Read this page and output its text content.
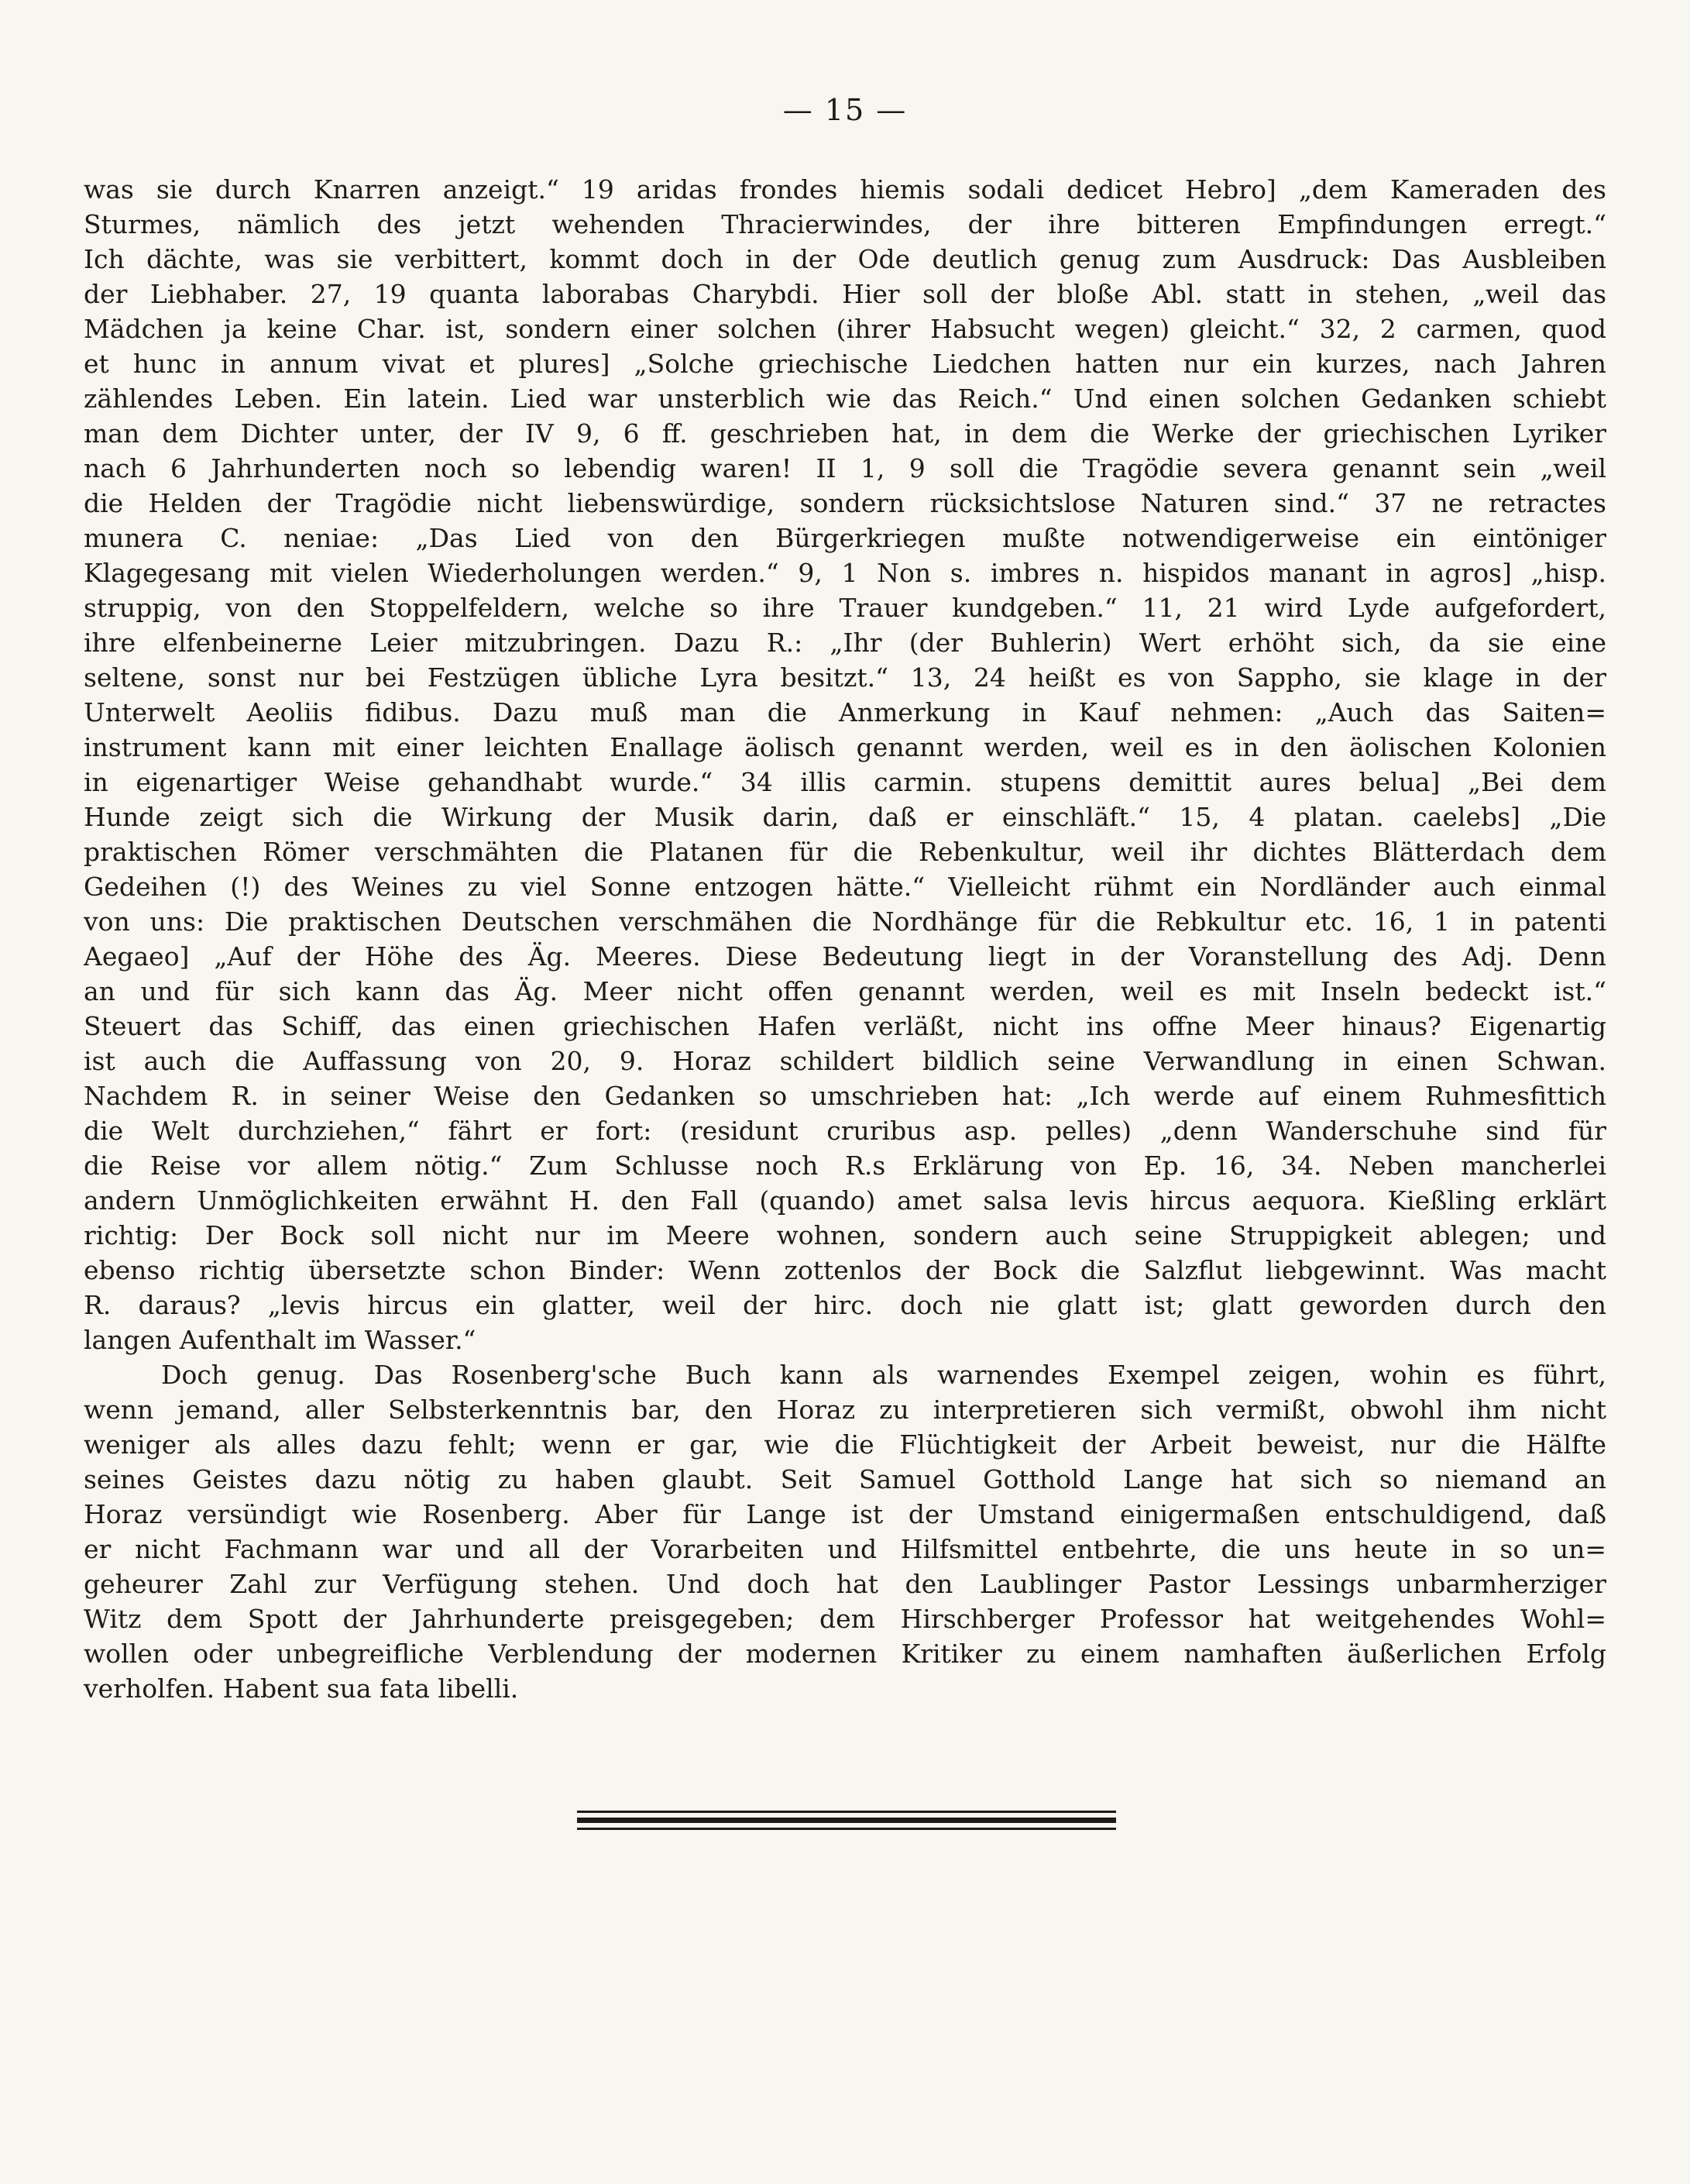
— 15 —
was sie durch Knarren anzeigt.“ 19 aridas frondes hiemis sodali dedicet Hebro] „dem Kameraden des
Sturmes, nämlich des jetzt wehenden Thracierwindes, der ihre bitteren Empfindungen erregt.“
Ich dächte, was sie verbittert, kommt doch in der Ode deutlich genug zum Ausdruck: Das Ausbleiben
der Liebhaber. 27, 19 quanta laborabas Charybdi. Hier soll der bloße Abl. statt in stehen, „weil das
Mädchen ja keine Char. ist, sondern einer solchen (ihrer Habsucht wegen) gleicht.“ 32, 2 carmen, quod
et hunc in annum vivat et plures] „Solche griechische Liedchen hatten nur ein kurzes, nach Jahren
zählendes Leben. Ein latein. Lied war unsterblich wie das Reich.“ Und einen solchen Gedanken schiebt
man dem Dichter unter, der IV 9, 6 ff. geschrieben hat, in dem die Werke der griechischen Lyriker
nach 6 Jahrhunderten noch so lebendig waren! II 1, 9 soll die Tragödie severa genannt sein „weil
die Helden der Tragödie nicht liebenswürdige, sondern rücksichtslose Naturen sind.“ 37 ne retractes
munera C. neniae: „Das Lied von den Bürgerkriegen mußte notwendigerweise ein eintöniger
Klagegesang mit vielen Wiederholungen werden.“ 9, 1 Non s. imbres n. hispidos manant in agros] „hisp.
struppig, von den Stoppelfeldern, welche so ihre Trauer kundgeben.“ 11, 21 wird Lyde aufgefordert,
ihre elfenbeinerne Leier mitzubringen. Dazu R.: „Ihr (der Buhlerin) Wert erhöht sich, da sie eine
seltene, sonst nur bei Festzügen übliche Lyra besitzt.“ 13, 24 heißt es von Sappho, sie klage in der
Unterwelt Aeoliis fidibus. Dazu muß man die Anmerkung in Kauf nehmen: „Auch das Saiten=
instrument kann mit einer leichten Enallage äolisch genannt werden, weil es in den äolischen Kolonien
in eigenartiger Weise gehandhabt wurde.“ 34 illis carmin. stupens demittit aures belua] „Bei dem
Hunde zeigt sich die Wirkung der Musik darin, daß er einschläft.“ 15, 4 platan. caelebs] „Die
praktischen Römer verschmähten die Platanen für die Rebenkultur, weil ihr dichtes Blätterdach dem
Gedeihen (!) des Weines zu viel Sonne entzogen hätte.“ Vielleicht rühmt ein Nordländer auch einmal
von uns: Die praktischen Deutschen verschmähen die Nordhänge für die Rebkultur etc. 16, 1 in patenti
Aegaeo] „Auf der Höhe des Äg. Meeres. Diese Bedeutung liegt in der Voranstellung des Adj. Denn
an und für sich kann das Äg. Meer nicht offen genannt werden, weil es mit Inseln bedeckt ist.“
Steuert das Schiff, das einen griechischen Hafen verläßt, nicht ins offne Meer hinaus? Eigenartig
ist auch die Auffassung von 20, 9. Horaz schildert bildlich seine Verwandlung in einen Schwan.
Nachdem R. in seiner Weise den Gedanken so umschrieben hat: „Ich werde auf einem Ruhmesfittich
die Welt durchziehen,“ fährt er fort: (residunt cruribus asp. pelles) „denn Wanderschuhe sind für
die Reise vor allem nötig.“ Zum Schlusse noch R.s Erklärung von Ep. 16, 34. Neben mancherlei
andern Unmöglichkeiten erwähnt H. den Fall (quando) amet salsa levis hircus aequora. Kießling erklärt
richtig: Der Bock soll nicht nur im Meere wohnen, sondern auch seine Struppigkeit ablegen; und
ebenso richtig übersetzte schon Binder: Wenn zottenlos der Bock die Salzflut liebgewinnt. Was macht
R. daraus? „levis hircus ein glatter, weil der hirc. doch nie glatt ist; glatt geworden durch den
langen Aufenthalt im Wasser.“
Doch genug. Das Rosenberg'sche Buch kann als warnendes Exempel zeigen, wohin es führt,
wenn jemand, aller Selbsterkenntnis bar, den Horaz zu interpretieren sich vermißt, obwohl ihm nicht
weniger als alles dazu fehlt; wenn er gar, wie die Flüchtigkeit der Arbeit beweist, nur die Hälfte
seines Geistes dazu nötig zu haben glaubt. Seit Samuel Gotthold Lange hat sich so niemand an
Horaz versündigt wie Rosenberg. Aber für Lange ist der Umstand einigermaßen entschuldigend, daß
er nicht Fachmann war und all der Vorarbeiten und Hilfsmittel entbehrte, die uns heute in so un=
geheurer Zahl zur Verfügung stehen. Und doch hat den Laublinger Pastor Lessings unbarmherziger
Witz dem Spott der Jahrhunderte preisgegeben; dem Hirschberger Professor hat weitgehendes Wohl=
wollen oder unbegreifliche Verblendung der modernen Kritiker zu einem namhaften äußerlichen Erfolg
verholfen. Habent sua fata libelli.
